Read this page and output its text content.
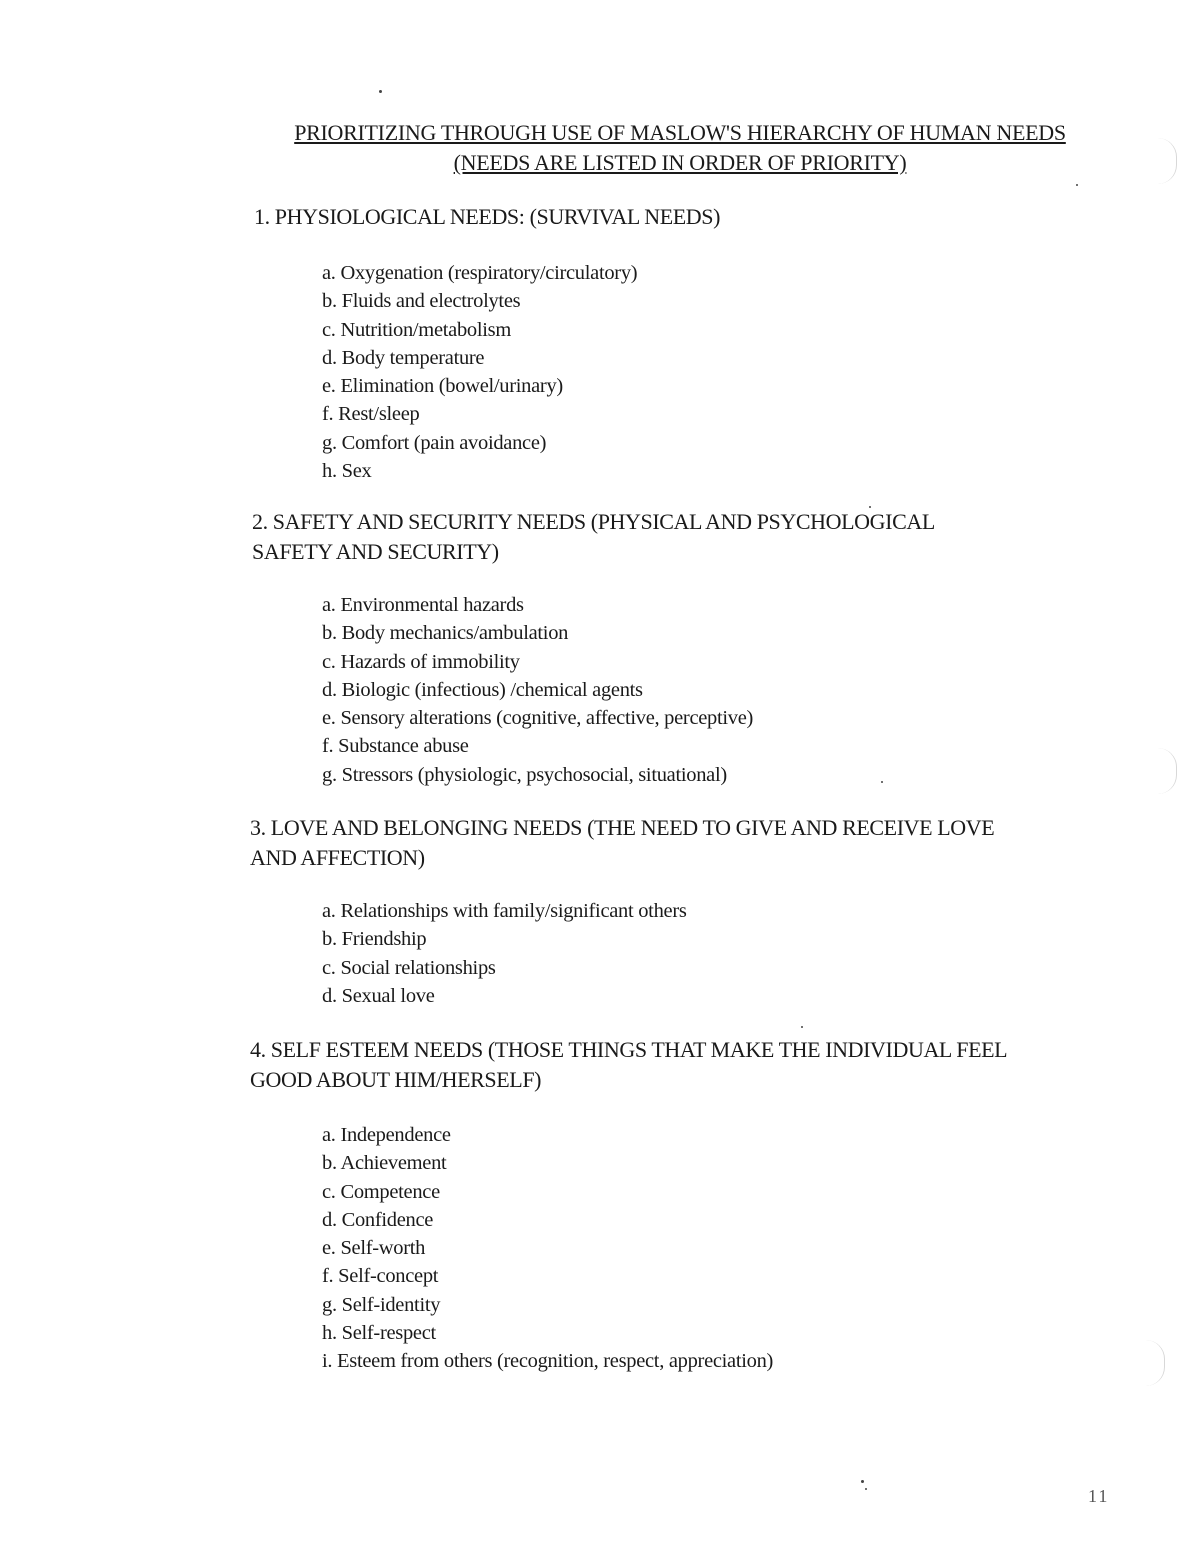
PRIORITIZING THROUGH USE OF MASLOW'S HIERARCHY OF HUMAN NEEDS
(NEEDS ARE LISTED IN ORDER OF PRIORITY)
1. PHYSIOLOGICAL NEEDS: (SURVIVAL NEEDS)
a. Oxygenation (respiratory/circulatory)
b. Fluids and electrolytes
c. Nutrition/metabolism
d. Body temperature
e. Elimination (bowel/urinary)
f. Rest/sleep
g. Comfort (pain avoidance)
h. Sex
2. SAFETY AND SECURITY NEEDS (PHYSICAL AND PSYCHOLOGICAL
SAFETY AND SECURITY)
a. Environmental hazards
b. Body mechanics/ambulation
c. Hazards of immobility
d. Biologic (infectious) /chemical agents
e. Sensory alterations (cognitive, affective, perceptive)
f. Substance abuse
g. Stressors (physiologic, psychosocial, situational)
3. LOVE AND BELONGING NEEDS (THE NEED TO GIVE AND RECEIVE LOVE
AND AFFECTION)
a. Relationships with family/significant others
b. Friendship
c. Social relationships
d. Sexual love
4. SELF ESTEEM NEEDS (THOSE THINGS THAT MAKE THE INDIVIDUAL FEEL
GOOD ABOUT HIM/HERSELF)
a. Independence
b. Achievement
c. Competence
d. Confidence
e. Self-worth
f. Self-concept
g. Self-identity
h. Self-respect
i. Esteem from others (recognition, respect, appreciation)
11
